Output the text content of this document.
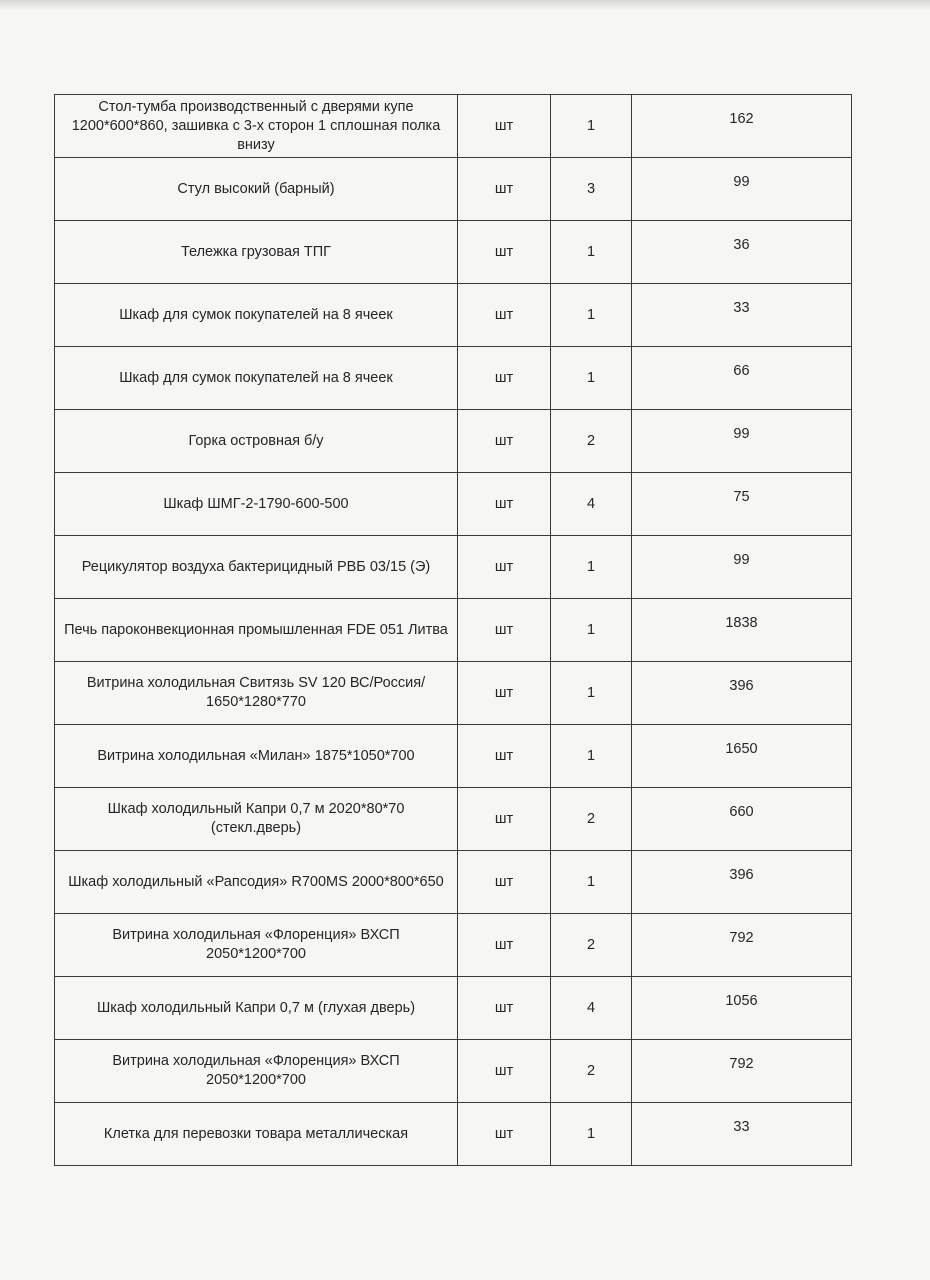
Стол-тумба производственный с дверями купе 1200*600*860, зашивка с 3-х сторон 1 сплошная полка внизу	шт	1	162
Стул высокий (барный)	шт	3	99
Тележка грузовая ТПГ	шт	1	36
Шкаф для сумок покупателей на 8 ячеек	шт	1	33
Шкаф для сумок покупателей на 8 ячеек	шт	1	66
Горка островная б/у	шт	2	99
Шкаф ШМГ-2-1790-600-500	шт	4	75
Рецикулятор воздуха бактерицидный РВБ 03/15 (Э)	шт	1	99
Печь пароконвекционная промышленная FDE 051 Литва	шт	1	1838
Витрина холодильная Свитязь SV 120 ВС/Россия/ 1650*1280*770	шт	1	396
Витрина холодильная «Милан» 1875*1050*700	шт	1	1650
Шкаф холодильный Капри 0,7 м 2020*80*70 (стекл.дверь)	шт	2	660
Шкаф холодильный «Рапсодия» R700MS 2000*800*650	шт	1	396
Витрина холодильная «Флоренция» ВХСП 2050*1200*700	шт	2	792
Шкаф холодильный Капри 0,7 м (глухая дверь)	шт	4	1056
Витрина холодильная «Флоренция» ВХСП 2050*1200*700	шт	2	792
Клетка для перевозки товара металлическая	шт	1	33
